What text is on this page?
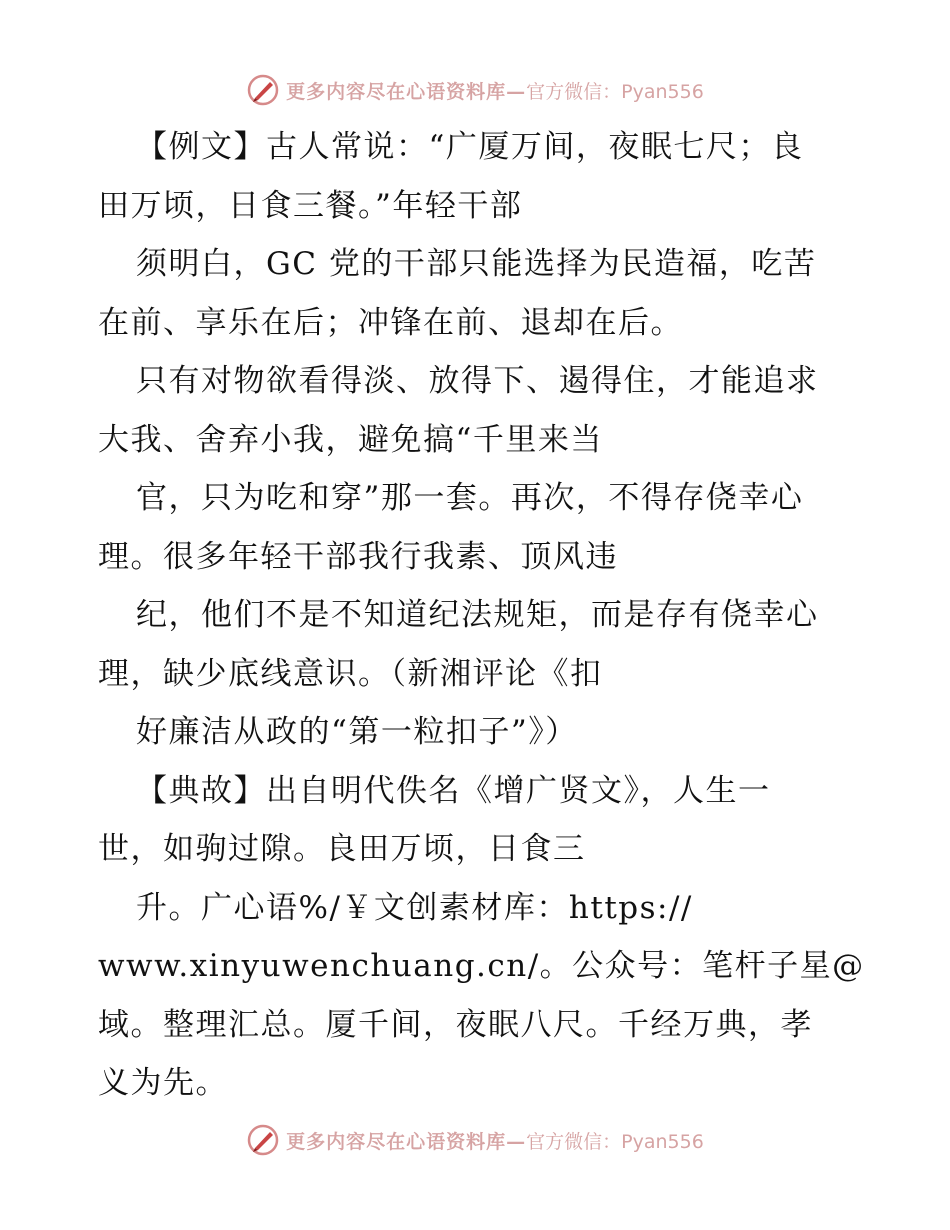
更多内容尽在心语资料库— 官方微信：Pyan556
【例文】古人常说：“广厦万间，夜眠七尺；良
田万顷，日食三餐。”年轻干部
须明白，GC 党的干部只能选择为民造福，吃苦
在前、享乐在后；冲锋在前、退却在后。
只有对物欲看得淡、放得下、遏得住，才能追求
大我、舍弃小我，避免搞“千里来当
官，只为吃和穿”那一套。再次，不得存侥幸心
理。很多年轻干部我行我素、顶风违
纪，他们不是不知道纪法规矩，而是存有侥幸心
理，缺少底线意识。（新湘评论《扣
好廉洁从政的“第一粒扣子”》）
【典故】出自明代佚名《增广贤文》，人生一
世，如驹过隙。良田万顷，日食三
升。广心语%/￥文创素材库：https://
www.xinyuwenchuang.cn/。公众号：笔杆子星@
域。整理汇总。厦千间，夜眠八尺。千经万典，孝
义为先。
更多内容尽在心语资料库— 官方微信：Pyan556
